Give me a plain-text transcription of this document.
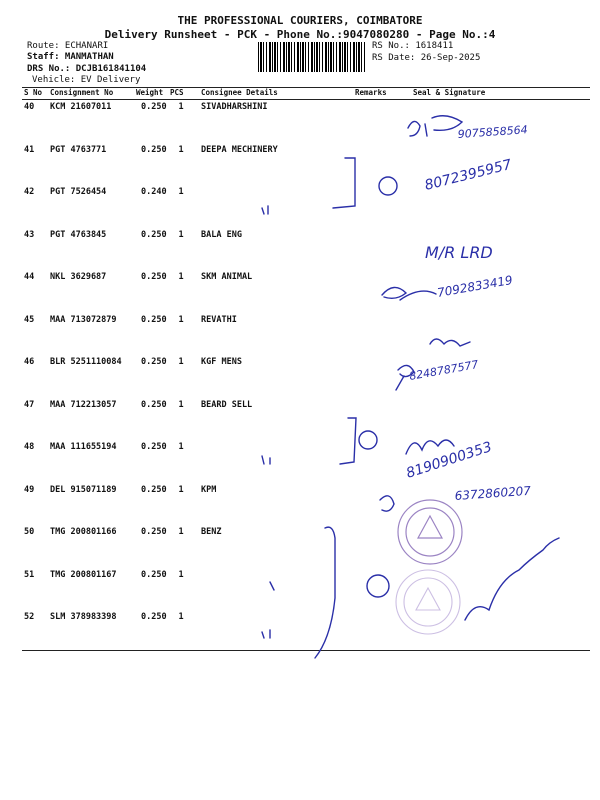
THE PROFESSIONAL COURIERS, COIMBATORE
Delivery Runsheet - PCK - Phone No.:9047080280 - Page No.:4
Route: ECHANARI
Staff: MANMATHAN
DRS No.: DCJB161841104
Vehicle: EV Delivery
RS No.: 1618411
RS Date: 26-Sep-2025
S No Consignment No	Weight PCS Consignee Details	Remarks	Seal & Signature
40 KCM 21607011	0.250	1	SIVADHARSHINI
41 PGT 4763771	0.250	1	DEEPA MECHINERY
42 PGT 7526454	0.240	1
43 PGT 4763845	0.250	1	BALA ENG
44 NKL 3629687	0.250	1	SKM ANIMAL
45 MAA 713072879	0.250	1	REVATHI
46 BLR 5251110084 0.250	1	KGF MENS
47 MAA 712213057	0.250	1	BEARD SELL
48 MAA 111655194	0.250	1
49 DEL 915071189	0.250	1	KPM
50 TMG 200801166	0.250	1	BENZ
51 TMG 200801167	0.250	1
52 SLM 378983398	0.250	1
9075858564
8072395957
M/R LRD
7092833419
8248787577
8190900353
6372860207
